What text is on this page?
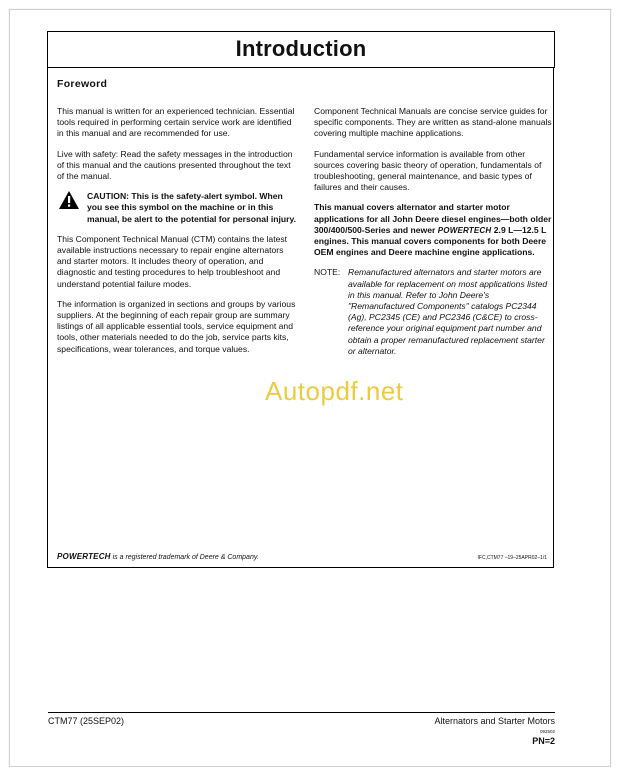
Introduction
Foreword

This manual is written for an experienced technician. Essential tools required in performing certain service work are identified in this manual and are recommended for use.

Live with safety: Read the safety messages in the introduction of this manual and the cautions presented throughout the text of the manual.

CAUTION: This is the safety-alert symbol. When you see this symbol on the machine or in this manual, be alert to the potential for personal injury.

This Component Technical Manual (CTM) contains the latest available instructions necessary to repair engine alternators and starter motors. It includes theory of operation, and diagnostic and testing procedures to help troubleshoot and understand potential failure modes.

The information is organized in sections and groups by various suppliers. At the beginning of each repair group are summary listings of all applicable essential tools, service equipment and tools, other materials needed to do the job, service parts kits, specifications, wear tolerances, and torque values.

Component Technical Manuals are concise service guides for specific components. They are written as stand-alone manuals covering multiple machine applications.

Fundamental service information is available from other sources covering basic theory of operation, fundamentals of troubleshooting, general maintenance, and basic types of failures and their causes.

This manual covers alternator and starter motor applications for all John Deere diesel engines—both older 300/400/500-Series and newer POWERTECH 2.9 L—12.5 L engines. This manual covers components for both Deere OEM engines and Deere machine engine applications.

NOTE: Remanufactured alternators and starter motors are available for replacement on most applications listed in this manual. Refer to John Deere's "Remanufactured Components" catalogs PC2344 (Ag), PC2345 (CE) and PC2346 (C&CE) to cross-reference your original equipment part number and obtain a proper remanufactured replacement starter or alternator.
POWERTECH is a registered trademark of Deere & Company.	IFC,CTM77 –19–25APR02–1/1
Autopdf.net
CTM77 (25SEP02)	Alternators and Starter Motors
092502
PN=2
